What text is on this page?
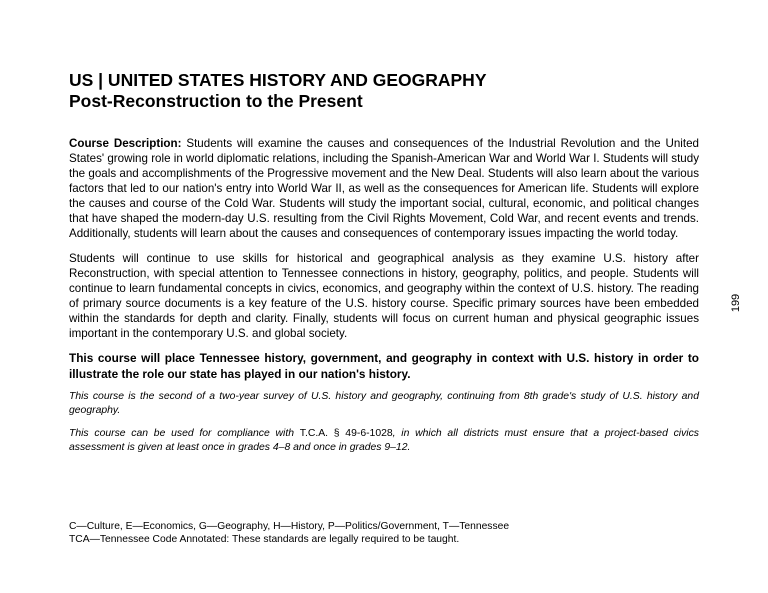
US | UNITED STATES HISTORY AND GEOGRAPHY
Post-Reconstruction to the Present

Course Description: Students will examine the causes and consequences of the Industrial Revolution and the United States' growing role in world diplomatic relations, including the Spanish-American War and World War I. Students will study the goals and accomplishments of the Progressive movement and the New Deal. Students will also learn about the various factors that led to our nation's entry into World War II, as well as the consequences for American life. Students will explore the causes and course of the Cold War. Students will study the important social, cultural, economic, and political changes that have shaped the modern-day U.S. resulting from the Civil Rights Movement, Cold War, and recent events and trends. Additionally, students will learn about the causes and consequences of contemporary issues impacting the world today.

Students will continue to use skills for historical and geographical analysis as they examine U.S. history after Reconstruction, with special attention to Tennessee connections in history, geography, politics, and people. Students will continue to learn fundamental concepts in civics, economics, and geography within the context of U.S. history. The reading of primary source documents is a key feature of the U.S. history course. Specific primary sources have been embedded within the standards for depth and clarity. Finally, students will focus on current human and physical geographic issues important in the contemporary U.S. and global society.

This course will place Tennessee history, government, and geography in context with U.S. history in order to illustrate the role our state has played in our nation's history.

This course is the second of a two-year survey of U.S. history and geography, continuing from 8th grade's study of U.S. history and geography.

This course can be used for compliance with T.C.A. § 49-6-1028, in which all districts must ensure that a project-based civics assessment is given at least once in grades 4–8 and once in grades 9–12.

199
C—Culture, E—Economics, G—Geography, H—History, P—Politics/Government, T—Tennessee
TCA—Tennessee Code Annotated: These standards are legally required to be taught.
